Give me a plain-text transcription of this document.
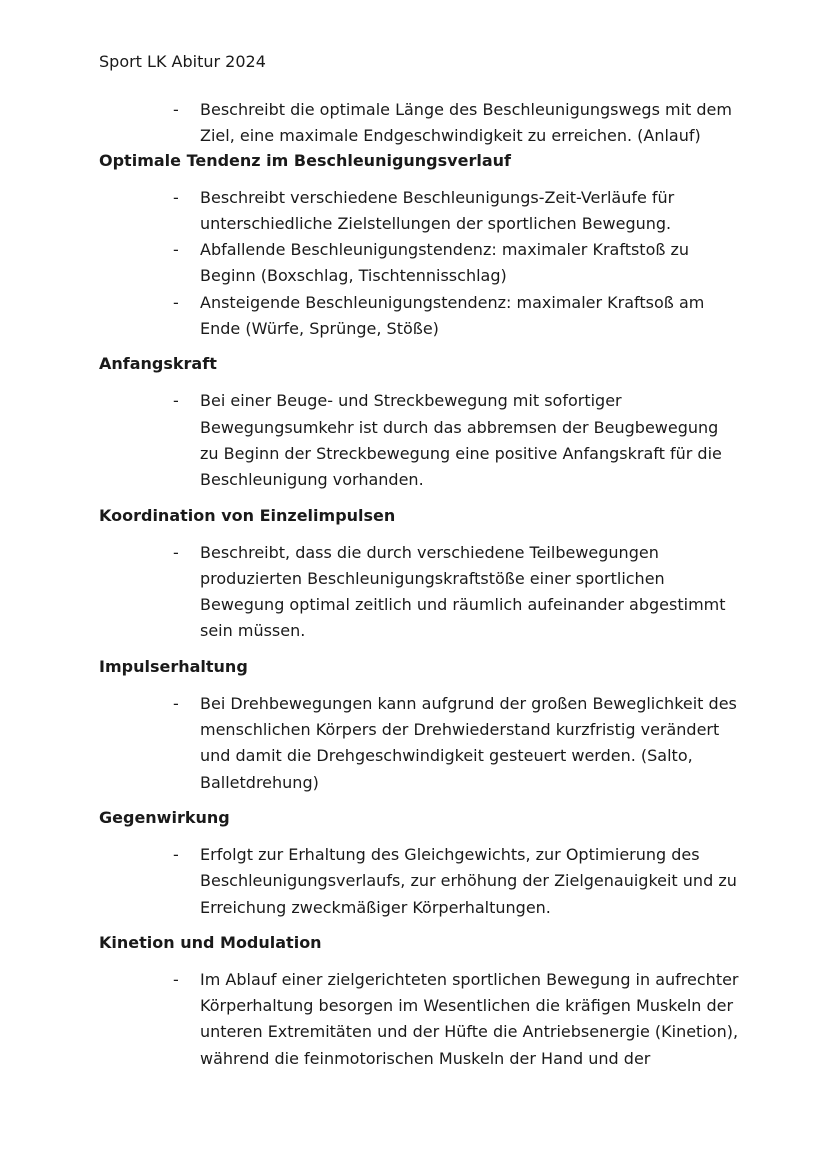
Sport LK Abitur 2024
- Beschreibt die optimale Länge des Beschleunigungswegs mit dem Ziel, eine maximale Endgeschwindigkeit zu erreichen. (Anlauf)
Optimale Tendenz im Beschleunigungsverlauf
- Beschreibt verschiedene Beschleunigungs-Zeit-Verläufe für unterschiedliche Zielstellungen der sportlichen Bewegung.
- Abfallende Beschleunigungstendenz: maximaler Kraftstoß zu Beginn (Boxschlag, Tischtennisschlag)
- Ansteigende Beschleunigungstendenz: maximaler Kraftsoß am Ende (Würfe, Sprünge, Stöße)
Anfangskraft
- Bei einer Beuge- und Streckbewegung mit sofortiger Bewegungsumkehr ist durch das abbremsen der Beugbewegung zu Beginn der Streckbewegung eine positive Anfangskraft für die Beschleunigung vorhanden.
Koordination von Einzelimpulsen
- Beschreibt, dass die durch verschiedene Teilbewegungen produzierten Beschleunigungskraftstöße einer sportlichen Bewegung optimal zeitlich und räumlich aufeinander abgestimmt sein müssen.
Impulserhaltung
- Bei Drehbewegungen kann aufgrund der großen Beweglichkeit des menschlichen Körpers der Drehwiederstand kurzfristig verändert und damit die Drehgeschwindigkeit gesteuert werden. (Salto, Balletdrehung)
Gegenwirkung
- Erfolgt zur Erhaltung des Gleichgewichts, zur Optimierung des Beschleunigungsverlaufs, zur erhöhung der Zielgenauigkeit und zu Erreichung zweckmäßiger Körperhaltungen.
Kinetion und Modulation
- Im Ablauf einer zielgerichteten sportlichen Bewegung in aufrechter Körperhaltung besorgen im Wesentlichen die kräfigen Muskeln der unteren Extremitäten und der Hüfte die Antriebsenergie (Kinetion), während die feinmotorischen Muskeln der Hand und der
